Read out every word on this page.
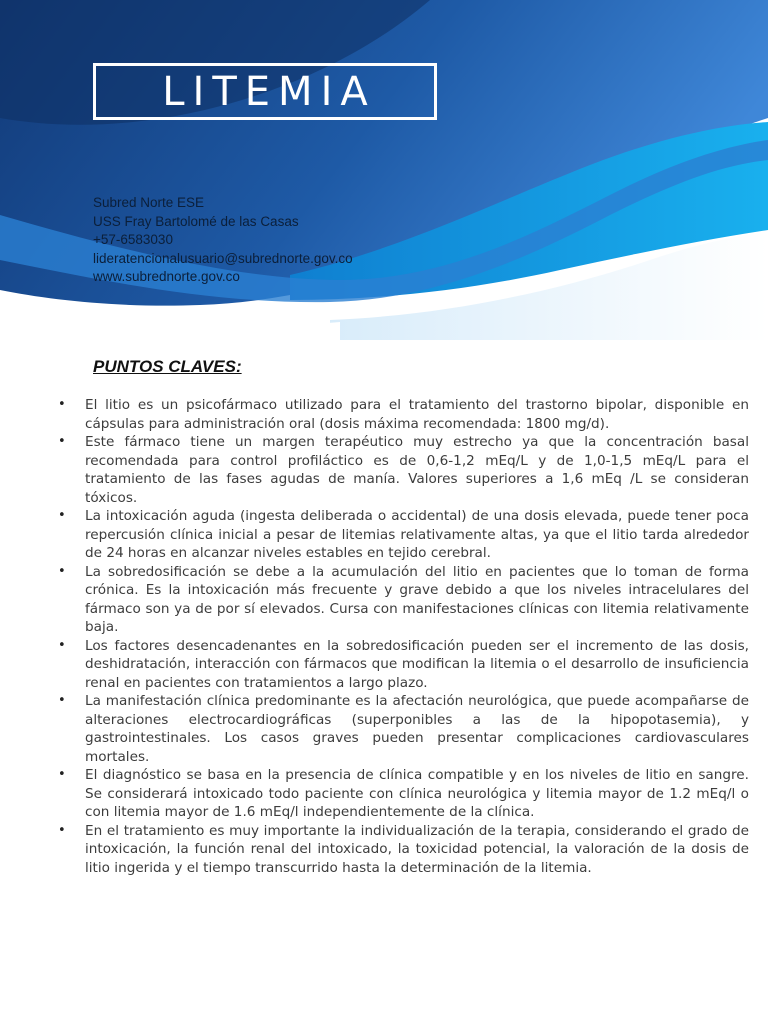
LITEMIA
Subred Norte ESE
USS Fray Bartolomé de las Casas
+57-6583030
lideratencionalusuario@subrednorte.gov.co
www.subrednorte.gov.co
PUNTOS CLAVES:
• El litio es un psicofármaco utilizado para el tratamiento del trastorno bipolar, disponible en cápsulas para administración oral (dosis máxima recomendada: 1800 mg/d).
• Este fármaco tiene un margen terapéutico muy estrecho ya que la concentración basal recomendada para control profiláctico es de 0,6-1,2 mEq/L y de 1,0-1,5 mEq/L para el tratamiento de las fases agudas de manía. Valores superiores a 1,6 mEq /L se consideran tóxicos.
• La intoxicación aguda (ingesta deliberada o accidental) de una dosis elevada, puede tener poca repercusión clínica inicial a pesar de litemias relativamente altas, ya que el litio tarda alrededor de 24 horas en alcanzar niveles estables en tejido cerebral.
• La sobredosificación se debe a la acumulación del litio en pacientes que lo toman de forma crónica. Es la intoxicación más frecuente y grave debido a que los niveles intracelulares del fármaco son ya de por sí elevados. Cursa con manifestaciones clínicas con litemia relativamente baja.
• Los factores desencadenantes en la sobredosificación pueden ser el incremento de las dosis, deshidratación, interacción con fármacos que modifican la litemia o el desarrollo de insuficiencia renal en pacientes con tratamientos a largo plazo.
• La manifestación clínica predominante es la afectación neurológica, que puede acompañarse de alteraciones electrocardiográficas (superponibles a las de la hipopotasemia), y gastrointestinales. Los casos graves pueden presentar complicaciones cardiovasculares mortales.
• El diagnóstico se basa en la presencia de clínica compatible y en los niveles de litio en sangre. Se considerará intoxicado todo paciente con clínica neurológica y litemia mayor de 1.2 mEq/l o con litemia mayor de 1.6 mEq/l independientemente de la clínica.
• En el tratamiento es muy importante la individualización de la terapia, considerando el grado de intoxicación, la función renal del intoxicado, la toxicidad potencial, la valoración de la dosis de litio ingerida y el tiempo transcurrido hasta la determinación de la litemia.
